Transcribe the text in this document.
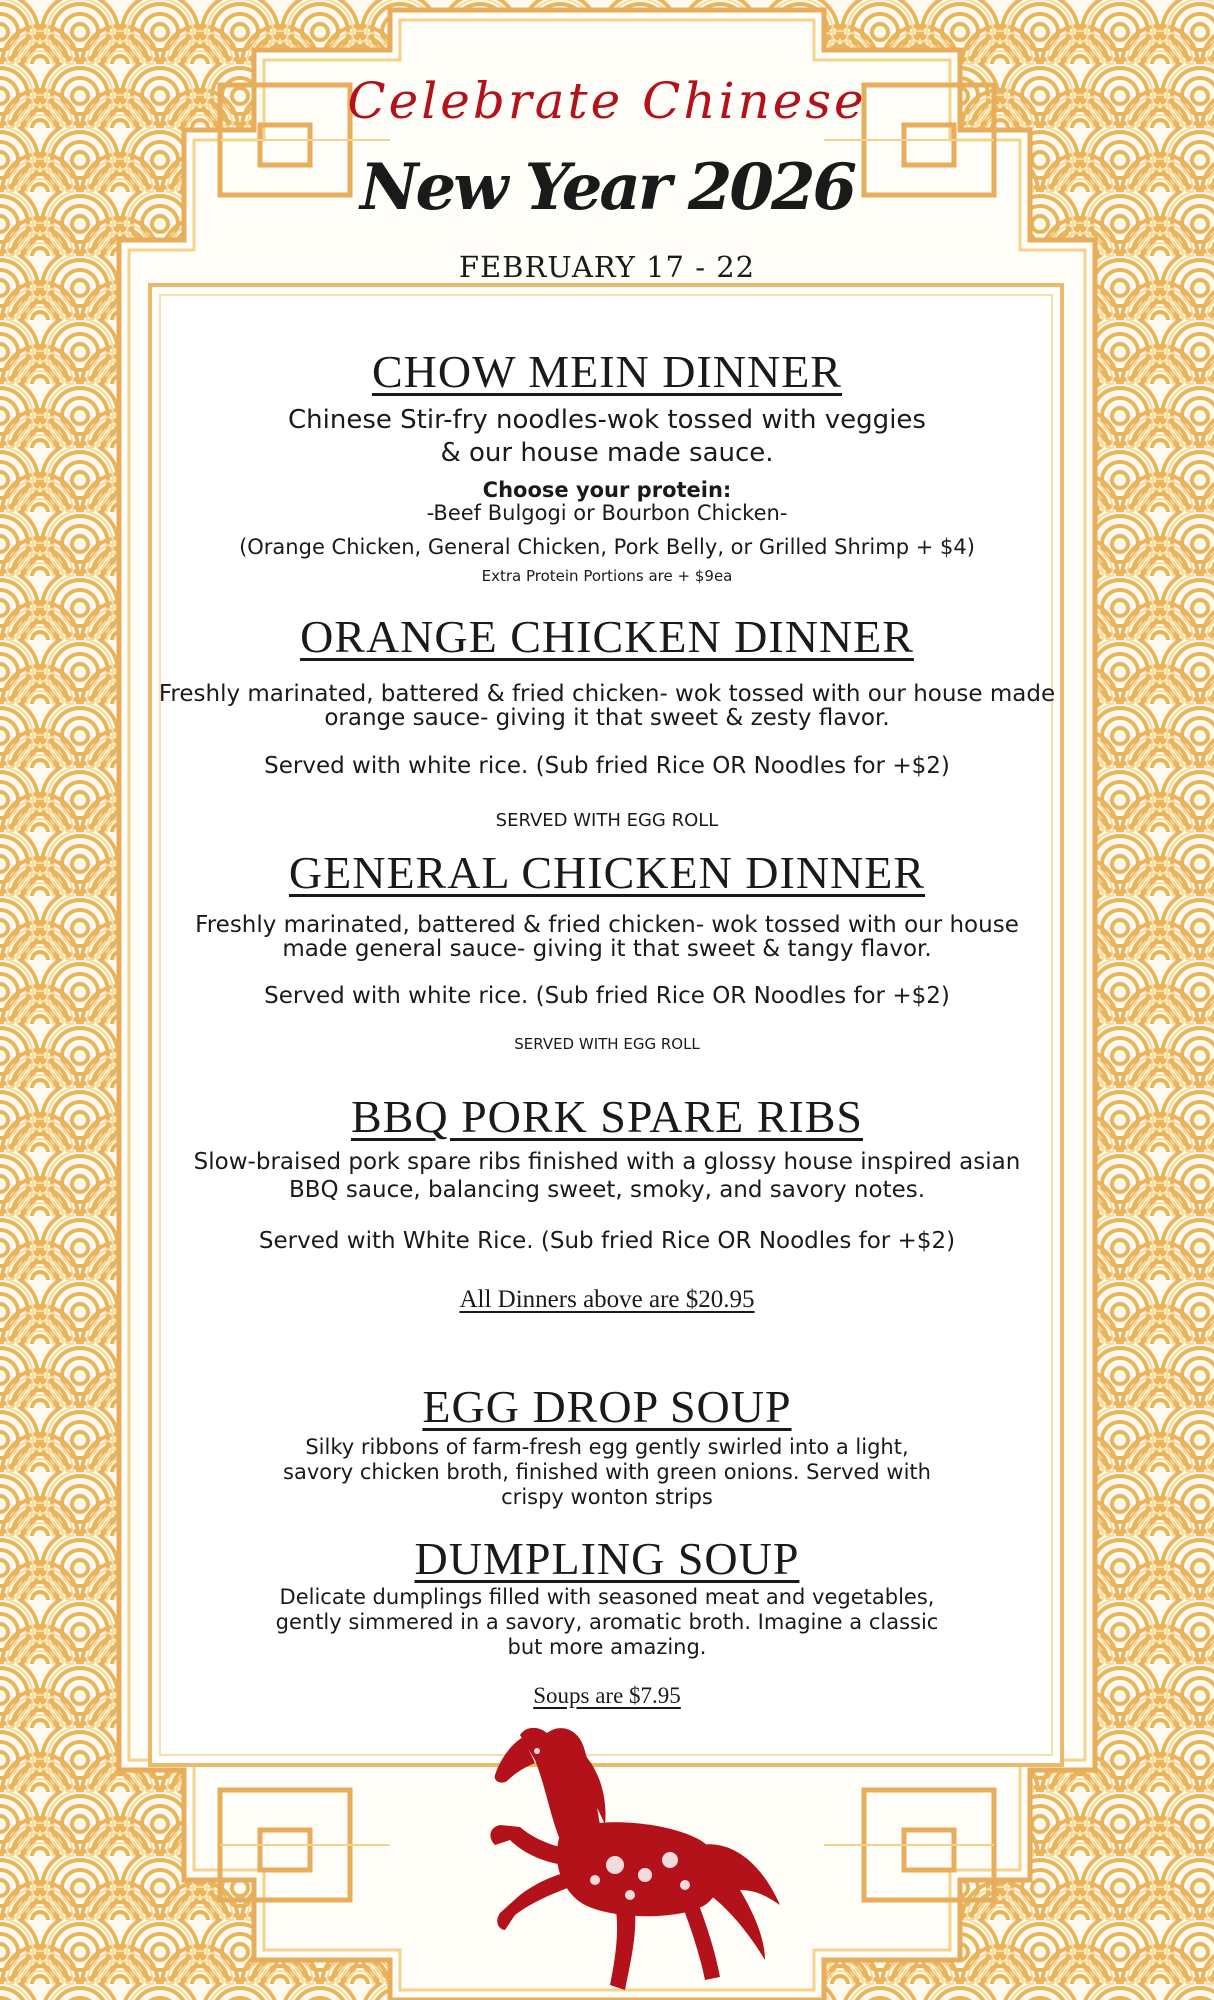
Celebrate Chinese

New Year 2026

FEBRUARY 17 - 22

CHOW MEIN DINNER

Chinese Stir-fry noodles-wok tossed with veggies

& our house made sauce.

Choose your protein:

-Beef Bulgogi or Bourbon Chicken-

(Orange Chicken, General Chicken, Pork Belly, or Grilled Shrimp + $4)

Extra Protein Portions are + $9ea

ORANGE CHICKEN DINNER

Freshly marinated, battered & fried chicken- wok tossed with our house made

orange sauce- giving it that sweet & zesty flavor.

Served with white rice. (Sub fried Rice OR Noodles for +$2)

SERVED WITH EGG ROLL

GENERAL CHICKEN DINNER

Freshly marinated, battered & fried chicken- wok tossed with our house

made general sauce- giving it that sweet & tangy flavor.

Served with white rice. (Sub fried Rice OR Noodles for +$2)

SERVED WITH EGG ROLL

BBQ PORK SPARE RIBS

Slow-braised pork spare ribs finished with a glossy house inspired asian

BBQ sauce, balancing sweet, smoky, and savory notes.

Served with White Rice. (Sub fried Rice OR Noodles for +$2)

All Dinners above are $20.95

EGG DROP SOUP

Silky ribbons of farm-fresh egg gently swirled into a light,

savory chicken broth, finished with green onions. Served with

crispy wonton strips

DUMPLING SOUP

Delicate dumplings filled with seasoned meat and vegetables,

gently simmered in a savory, aromatic broth. Imagine a classic

but more amazing.

Soups are $7.95
